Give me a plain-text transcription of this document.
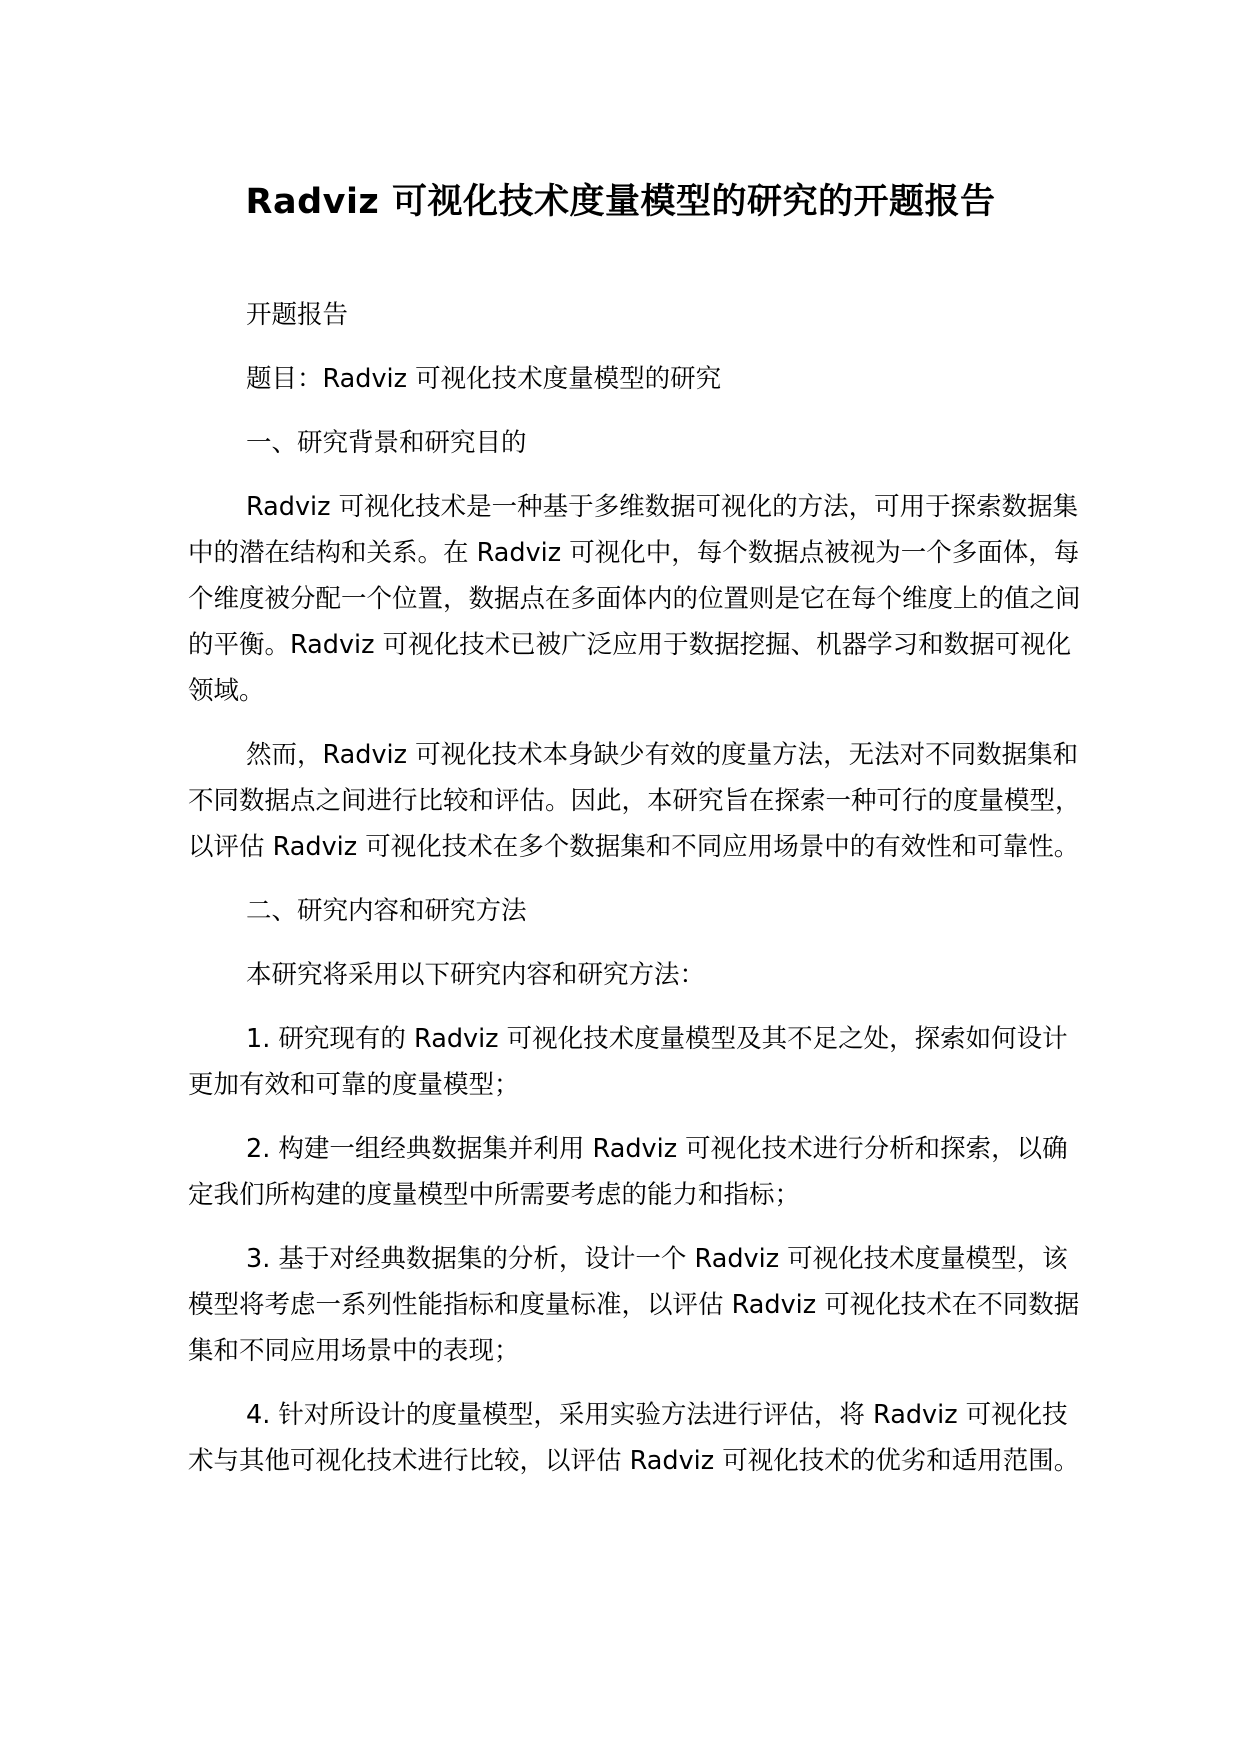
Radviz 可视化技术度量模型的研究的开题报告

开题报告

题目：Radviz 可视化技术度量模型的研究

一、研究背景和研究目的

Radviz 可视化技术是一种基于多维数据可视化的方法，可用于探索数据集中的潜在结构和关系。在 Radviz 可视化中，每个数据点被视为一个多面体，每个维度被分配一个位置，数据点在多面体内的位置则是它在每个维度上的值之间的平衡。Radviz 可视化技术已被广泛应用于数据挖掘、机器学习和数据可视化领域。

然而，Radviz 可视化技术本身缺少有效的度量方法，无法对不同数据集和不同数据点之间进行比较和评估。因此，本研究旨在探索一种可行的度量模型，以评估 Radviz 可视化技术在多个数据集和不同应用场景中的有效性和可靠性。

二、研究内容和研究方法

本研究将采用以下研究内容和研究方法：

1. 研究现有的 Radviz 可视化技术度量模型及其不足之处，探索如何设计更加有效和可靠的度量模型；

2. 构建一组经典数据集并利用 Radviz 可视化技术进行分析和探索，以确定我们所构建的度量模型中所需要考虑的能力和指标；

3. 基于对经典数据集的分析，设计一个 Radviz 可视化技术度量模型，该模型将考虑一系列性能指标和度量标准，以评估 Radviz 可视化技术在不同数据集和不同应用场景中的表现；

4. 针对所设计的度量模型，采用实验方法进行评估，将 Radviz 可视化技术与其他可视化技术进行比较，以评估 Radviz 可视化技术的优劣和适用范围。
